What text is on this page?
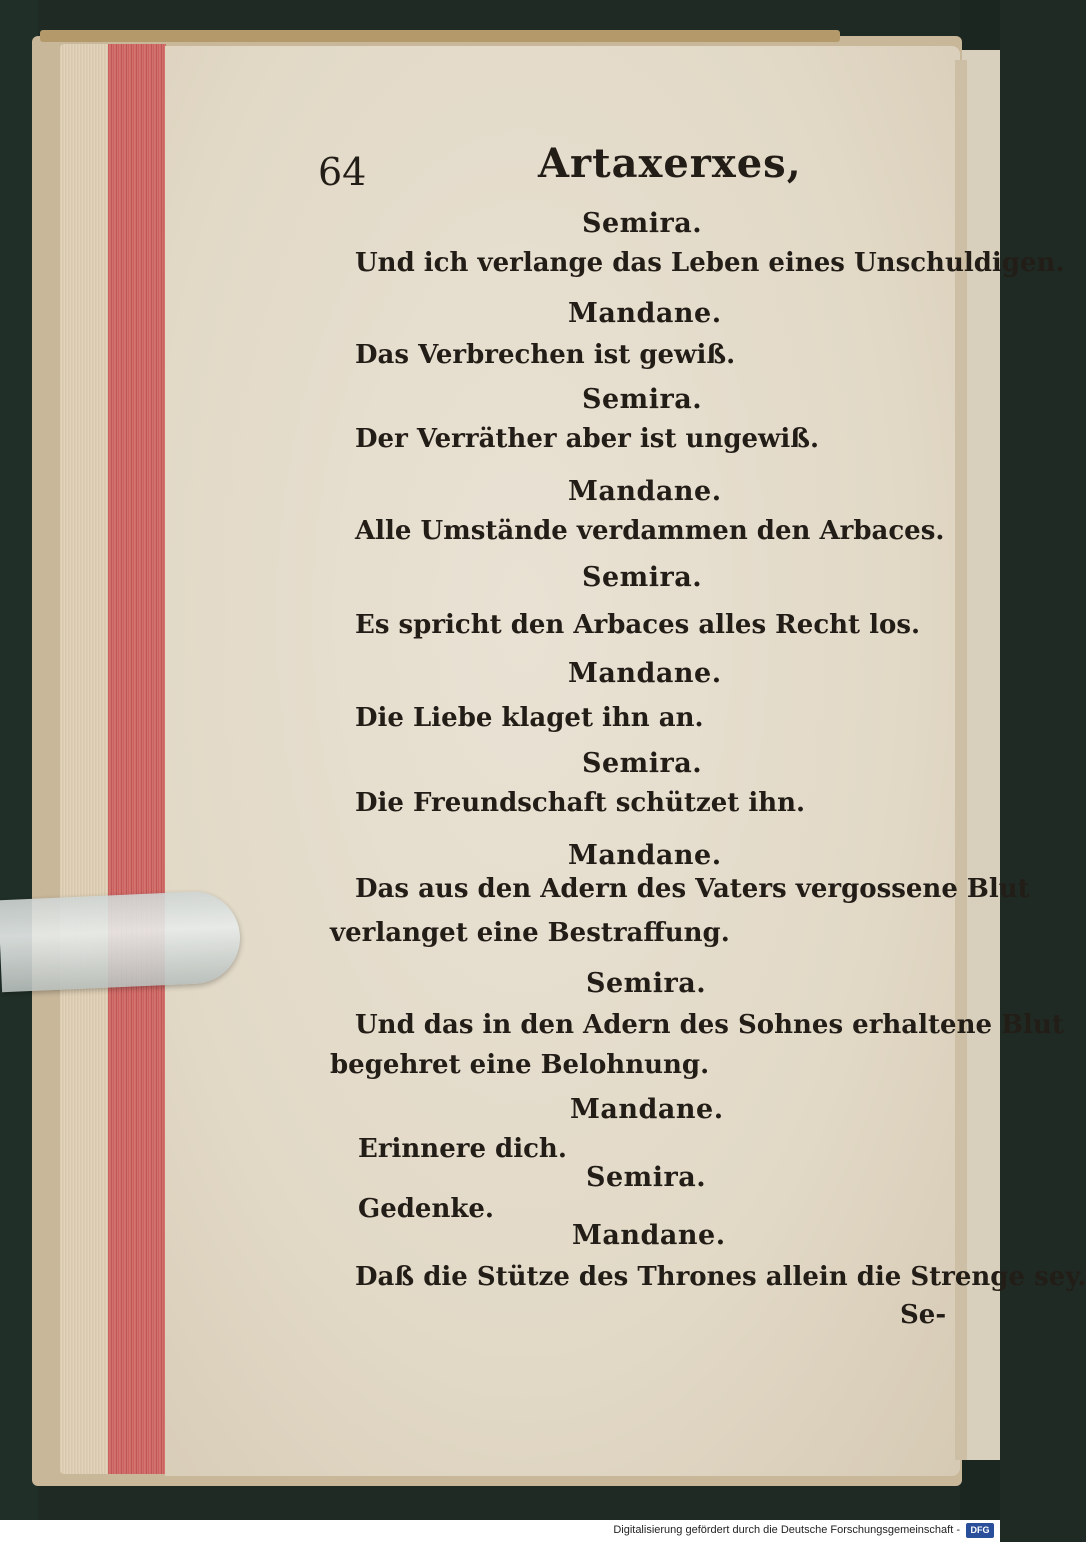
64	Artaxerxes,
Semira.
Und ich verlange das Leben eines Unschuldigen.
Mandane.
Das Verbrechen ist gewiß.
Semira.
Der Verräther aber ist ungewiß.
Mandane.
Alle Umstände verdammen den Arbaces.
Semira.
Es spricht den Arbaces alles Recht los.
Mandane.
Die Liebe klaget ihn an.
Semira.
Die Freundschaft schützet ihn.
Mandane.
Das aus den Adern des Vaters vergossene Blut
verlanget eine Bestraffung.
Semira.
Und das in den Adern des Sohnes erhaltene Blut
begehret eine Belohnung.
Mandane.
Erinnere dich.
Semira.
Gedenke.
Mandane.
Daß die Stütze des Thrones allein die Strenge sey.
Se-
Digitalisierung gefördert durch die Deutsche Forschungsgemeinschaft -	DFG
